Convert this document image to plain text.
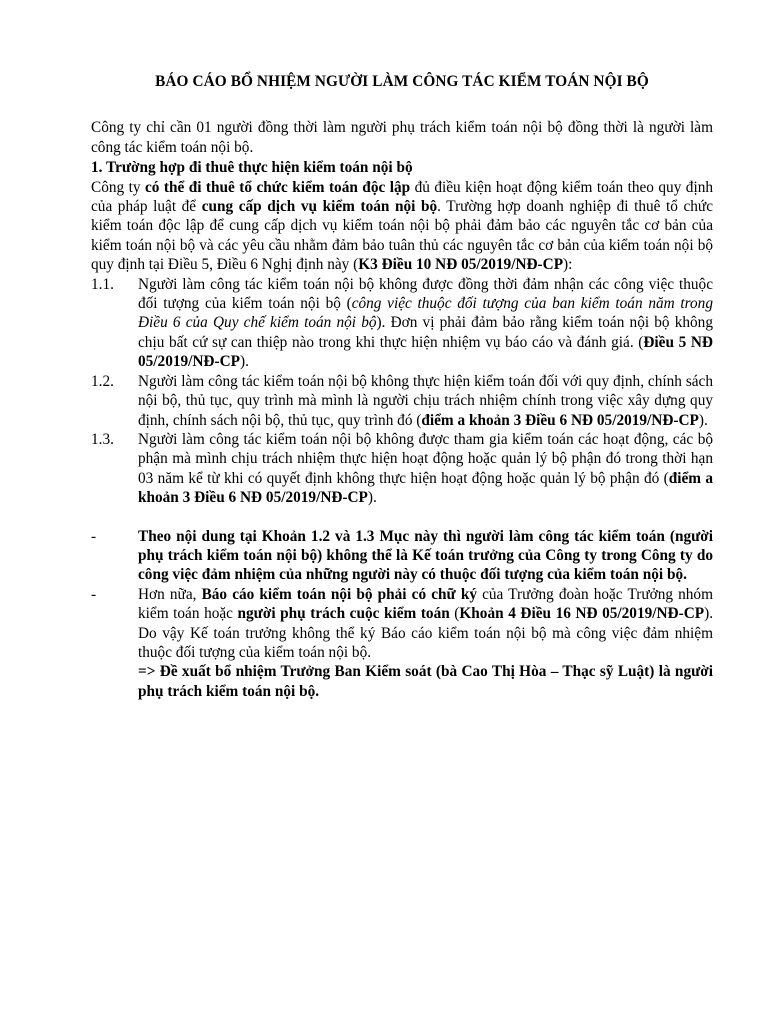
BÁO CÁO BỔ NHIỆM NGƯỜI LÀM CÔNG TÁC KIỂM TOÁN NỘI BỘ

Công ty chỉ cần 01 người đồng thời làm người phụ trách kiểm toán nội bộ đồng thời là người làm công tác kiểm toán nội bộ.

1. Trường hợp đi thuê thực hiện kiểm toán nội bộ

Công ty có thể đi thuê tổ chức kiểm toán độc lập đủ điều kiện hoạt động kiểm toán theo quy định của pháp luật để cung cấp dịch vụ kiểm toán nội bộ. Trường hợp doanh nghiệp đi thuê tổ chức kiểm toán độc lập để cung cấp dịch vụ kiểm toán nội bộ phải đảm bảo các nguyên tắc cơ bản của kiểm toán nội bộ và các yêu cầu nhằm đảm bảo tuân thủ các nguyên tắc cơ bản của kiểm toán nội bộ quy định tại Điều 5, Điều 6 Nghị định này (K3 Điều 10 NĐ 05/2019/NĐ-CP):

1.1. Người làm công tác kiểm toán nội bộ không được đồng thời đảm nhận các công việc thuộc đối tượng của kiểm toán nội bộ (công việc thuộc đối tượng của ban kiểm toán năm trong Điều 6 của Quy chế kiểm toán nội bộ). Đơn vị phải đảm bảo rằng kiểm toán nội bộ không chịu bất cứ sự can thiệp nào trong khi thực hiện nhiệm vụ báo cáo và đánh giá. (Điều 5 NĐ 05/2019/NĐ-CP).
1.2. Người làm công tác kiểm toán nội bộ không thực hiện kiểm toán đối với quy định, chính sách nội bộ, thủ tục, quy trình mà mình là người chịu trách nhiệm chính trong việc xây dựng quy định, chính sách nội bộ, thủ tục, quy trình đó (điểm a khoản 3 Điều 6 NĐ 05/2019/NĐ-CP).
1.3. Người làm công tác kiểm toán nội bộ không được tham gia kiểm toán các hoạt động, các bộ phận mà mình chịu trách nhiệm thực hiện hoạt động hoặc quản lý bộ phận đó trong thời hạn 03 năm kể từ khi có quyết định không thực hiện hoạt động hoặc quản lý bộ phận đó (điểm a khoản 3 Điều 6 NĐ 05/2019/NĐ-CP).
-	Theo nội dung tại Khoản 1.2 và 1.3 Mục này thì người làm công tác kiểm toán (người phụ trách kiểm toán nội bộ) không thể là Kế toán trưởng của Công ty trong Công ty do công việc đảm nhiệm của những người này có thuộc đối tượng của kiểm toán nội bộ.
-	Hơn nữa, Báo cáo kiểm toán nội bộ phải có chữ ký của Trưởng đoàn hoặc Trưởng nhóm kiểm toán hoặc người phụ trách cuộc kiểm toán (Khoản 4 Điều 16 NĐ 05/2019/NĐ-CP). Do vậy Kế toán trưởng không thể ký Báo cáo kiểm toán nội bộ mà công việc đảm nhiệm thuộc đối tượng của kiểm toán nội bộ.
=> Đề xuất bổ nhiệm Trưởng Ban Kiểm soát (bà Cao Thị Hòa – Thạc sỹ Luật) là người phụ trách kiểm toán nội bộ.
